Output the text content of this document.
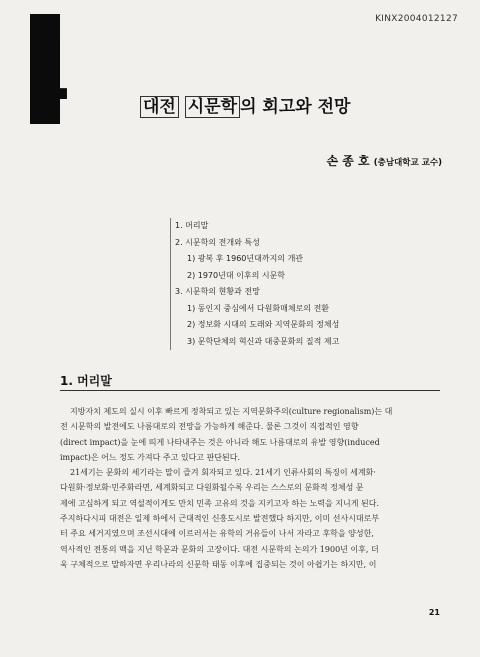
KINX2004012127
1	대전 시문학 의 회고와 전망
손 종 호 (충남대학교 교수)
1. 머리말
2. 시문학의 전개와 특성
1) 광복 후 1960년대까지의 개관
2) 1970년대 이후의 시문학
3. 시문학의 현황과 전망
1) 동인지 중심에서 다원화매체로의 전환
2) 정보화 시대의 도래와 지역문화의 정체성
3) 문학단체의 혁신과 대중문화의 질적 제고
1. 머리말

지방자치 제도의 실시 이후 빠르게 정착되고 있는 지역문화주의(culture regionalism)는 대
전 시문학의 발전에도 나름대로의 전망을 가능하게 해준다. 물론 그것이 직접적인 영향
(direct impact)을 눈에 띄게 나타내주는 것은 아니라 해도 나름대로의 유발 영향(induced
impact)은 어느 정도 가져다 주고 있다고 판단된다.

21세기는 문화의 세기라는 말이 즐겨 회자되고 있다. 21세기 인류사회의 특징이 세계화·
다원화·정보화·민주화라면, 세계화되고 다원화될수록 우리는 스스로의 문화적 정체성 문
제에 고심하게 되고 역설적이게도 만치 민족 고유의 것을 지키고자 하는 노력을 지니게 된다.
주지하다시피 대전은 일제 하에서 근대적인 신흥도시로 발전했다 하지만, 이미 선사시대로부
터 주요 세거지였으며 조선시대에 이르러서는 유학의 거유들이 나서 자라고 후학을 양성한,
역사적인 전통의 맥을 지닌 학문과 문화의 고장이다. 대전 시문학의 논의가 1900년 이후, 더
욱 구체적으로 말하자면 우리나라의 신문학 태동 이후에 집중되는 것이 아쉽기는 하지만, 이

21
